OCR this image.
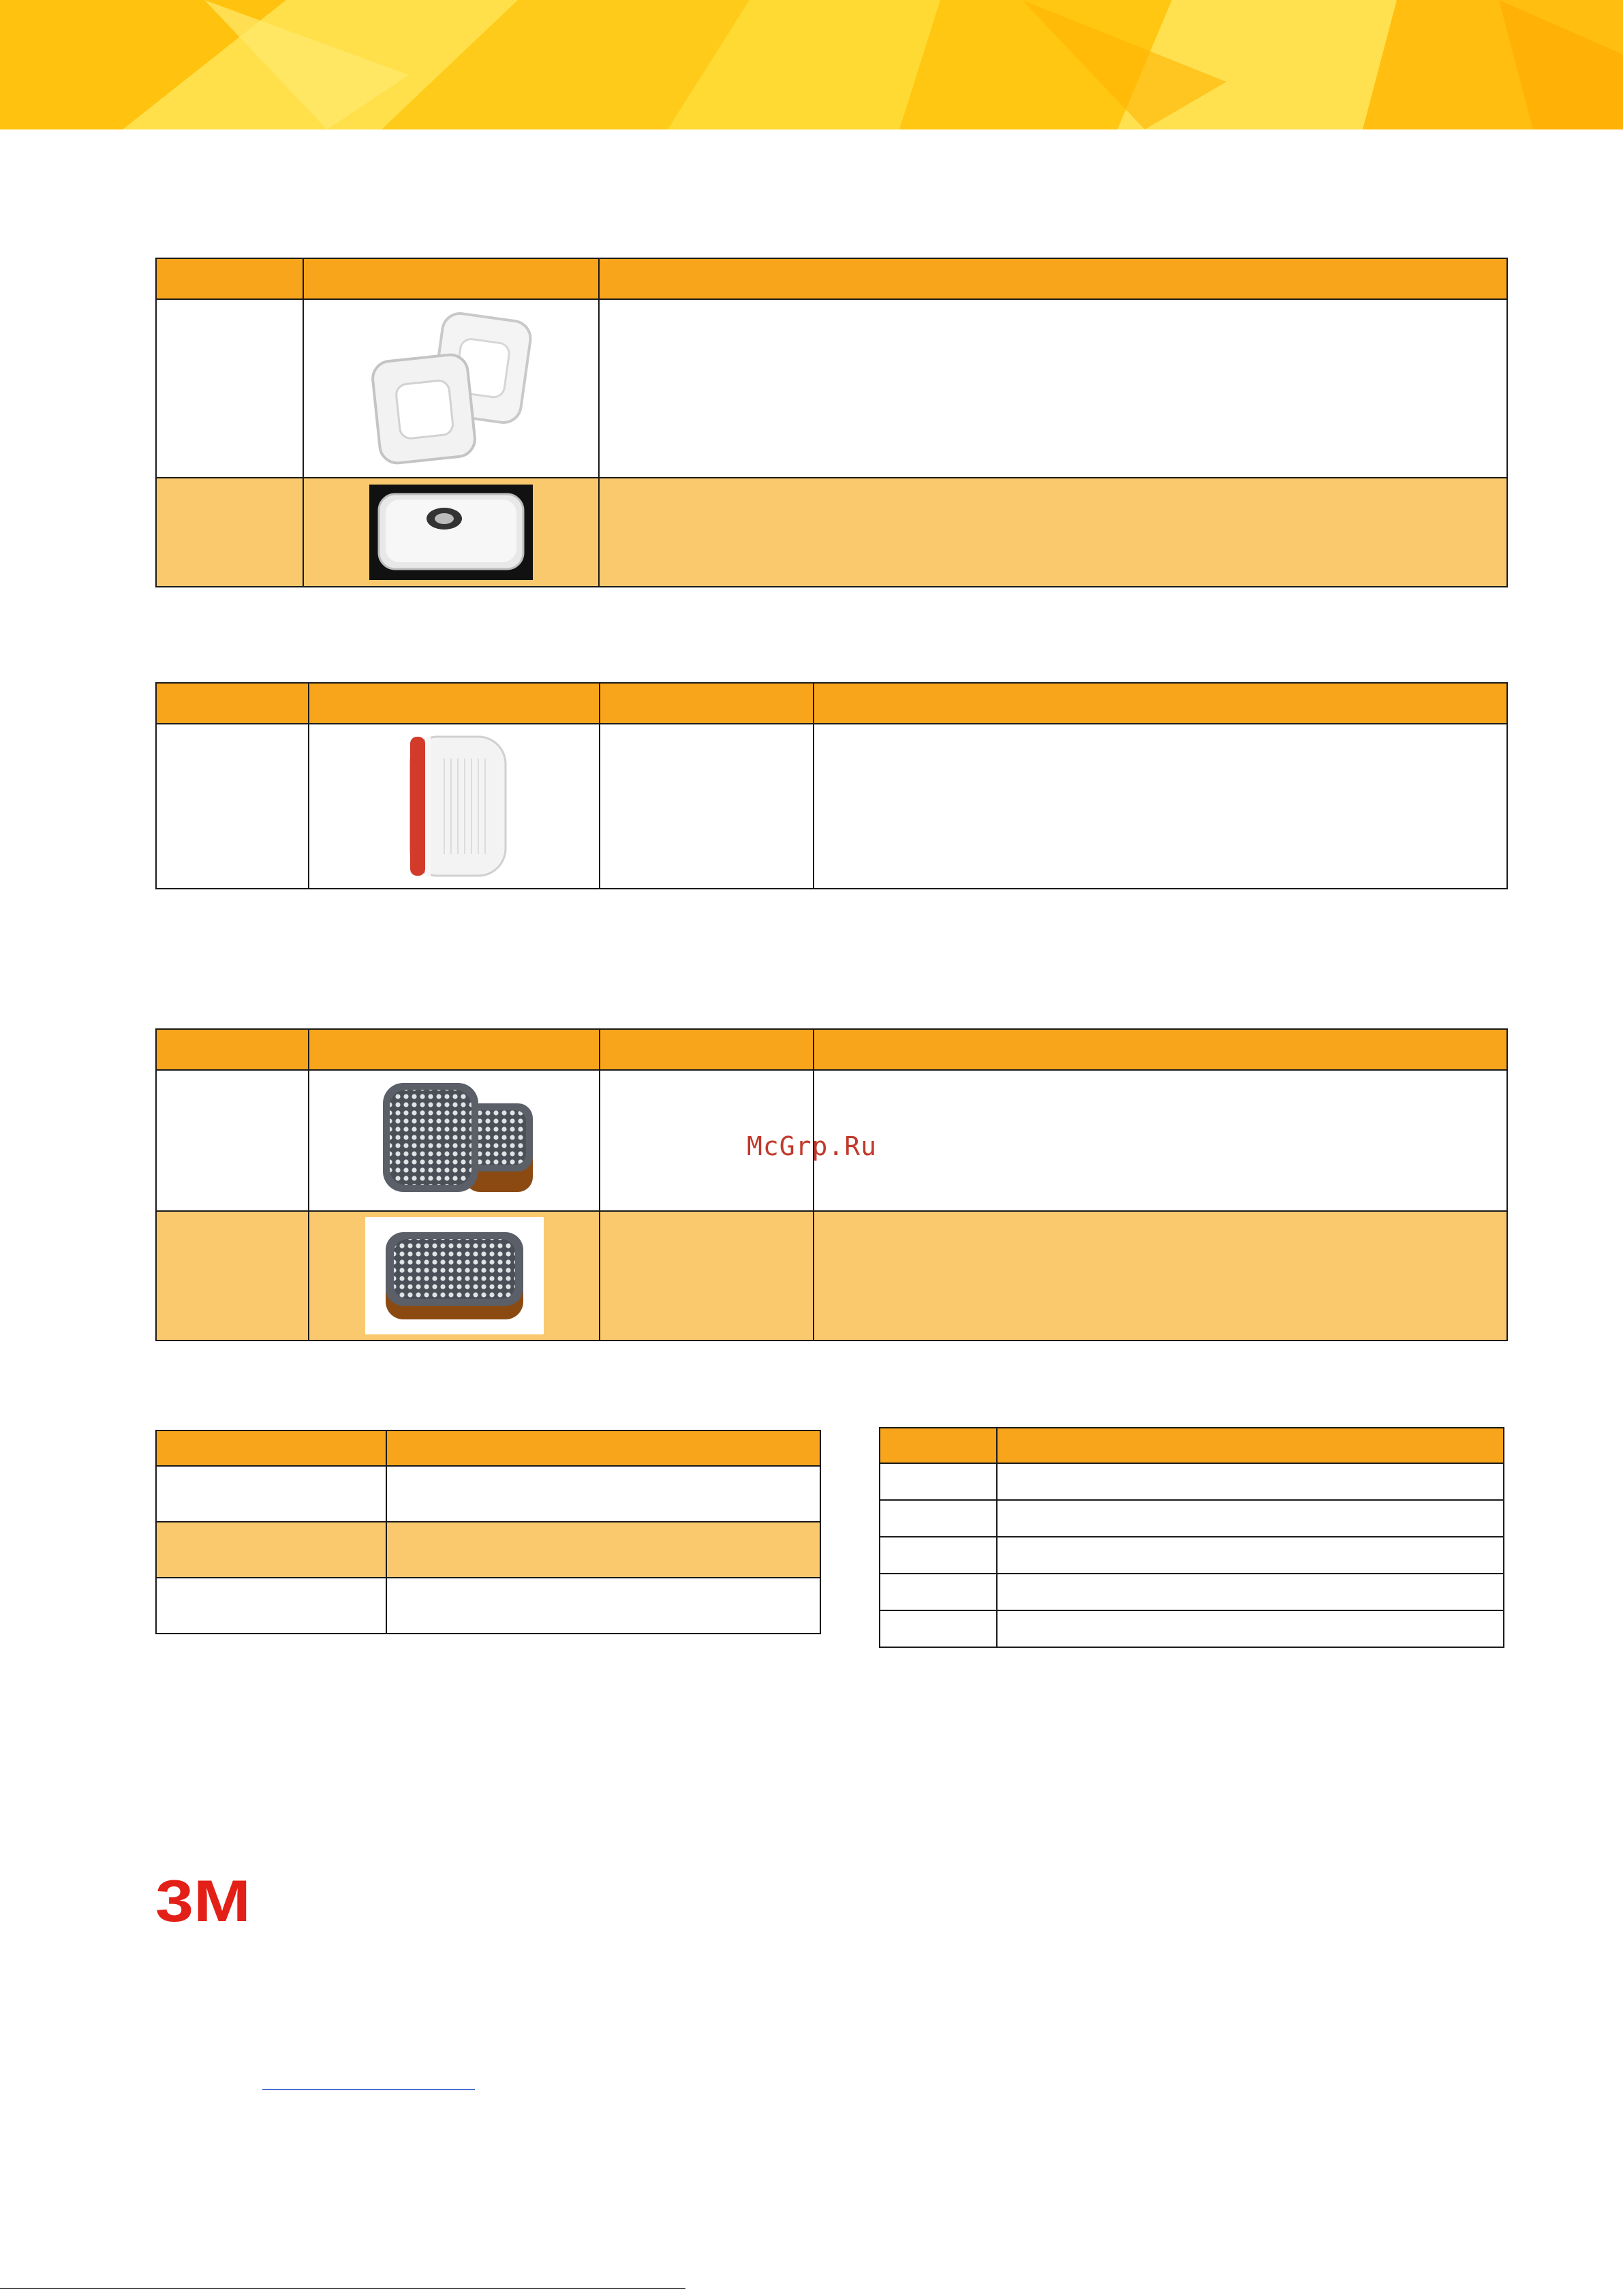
McGrp.Ru
3M
